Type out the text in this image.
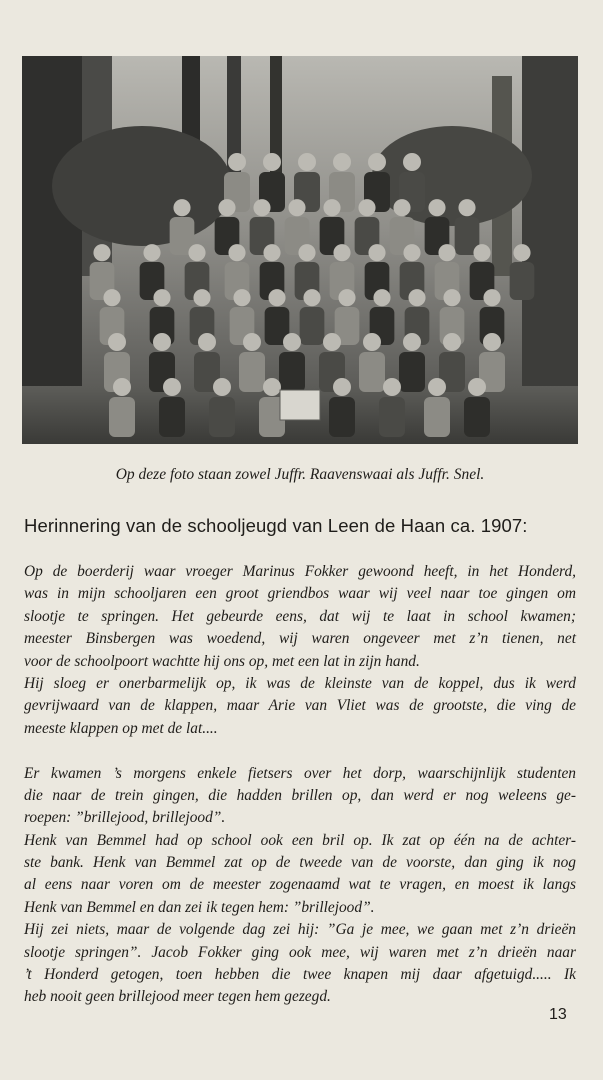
Op deze foto staan zowel Juffr. Raavenswaai als Juffr. Snel.
Herinnering van de schooljeugd van Leen de Haan ca. 1907:
Op de boerderij waar vroeger Marinus Fokker gewoond heeft, in het Honderd,
was in mijn schooljaren een groot griendbos waar wij veel naar toe gingen om
slootje te springen. Het gebeurde eens, dat wij te laat in school kwamen;
meester Binsbergen was woedend, wij waren ongeveer met z’n tienen, net
voor de schoolpoort wachtte hij ons op, met een lat in zijn hand.
Hij sloeg er onerbarmelijk op, ik was de kleinste van de koppel, dus ik werd
gevrijwaard van de klappen, maar Arie van Vliet was de grootste, die ving de
meeste klappen op met de lat....
Er kwamen ’s morgens enkele fietsers over het dorp, waarschijnlijk studenten
die naar de trein gingen, die hadden brillen op, dan werd er nog weleens ge-
roepen: ”brillejood, brillejood”.
Henk van Bemmel had op school ook een bril op. Ik zat op één na de achter-
ste bank. Henk van Bemmel zat op de tweede van de voorste, dan ging ik nog
al eens naar voren om de meester zogenaamd wat te vragen, en moest ik langs
Henk van Bemmel en dan zei ik tegen hem: ”brillejood”.
Hij zei niets, maar de volgende dag zei hij: ”Ga je mee, we gaan met z’n drieën
slootje springen”. Jacob Fokker ging ook mee, wij waren met z’n drieën naar
’t Honderd getogen, toen hebben die twee knapen mij daar afgetuigd..... Ik
heb nooit geen brillejood meer tegen hem gezegd.
13
